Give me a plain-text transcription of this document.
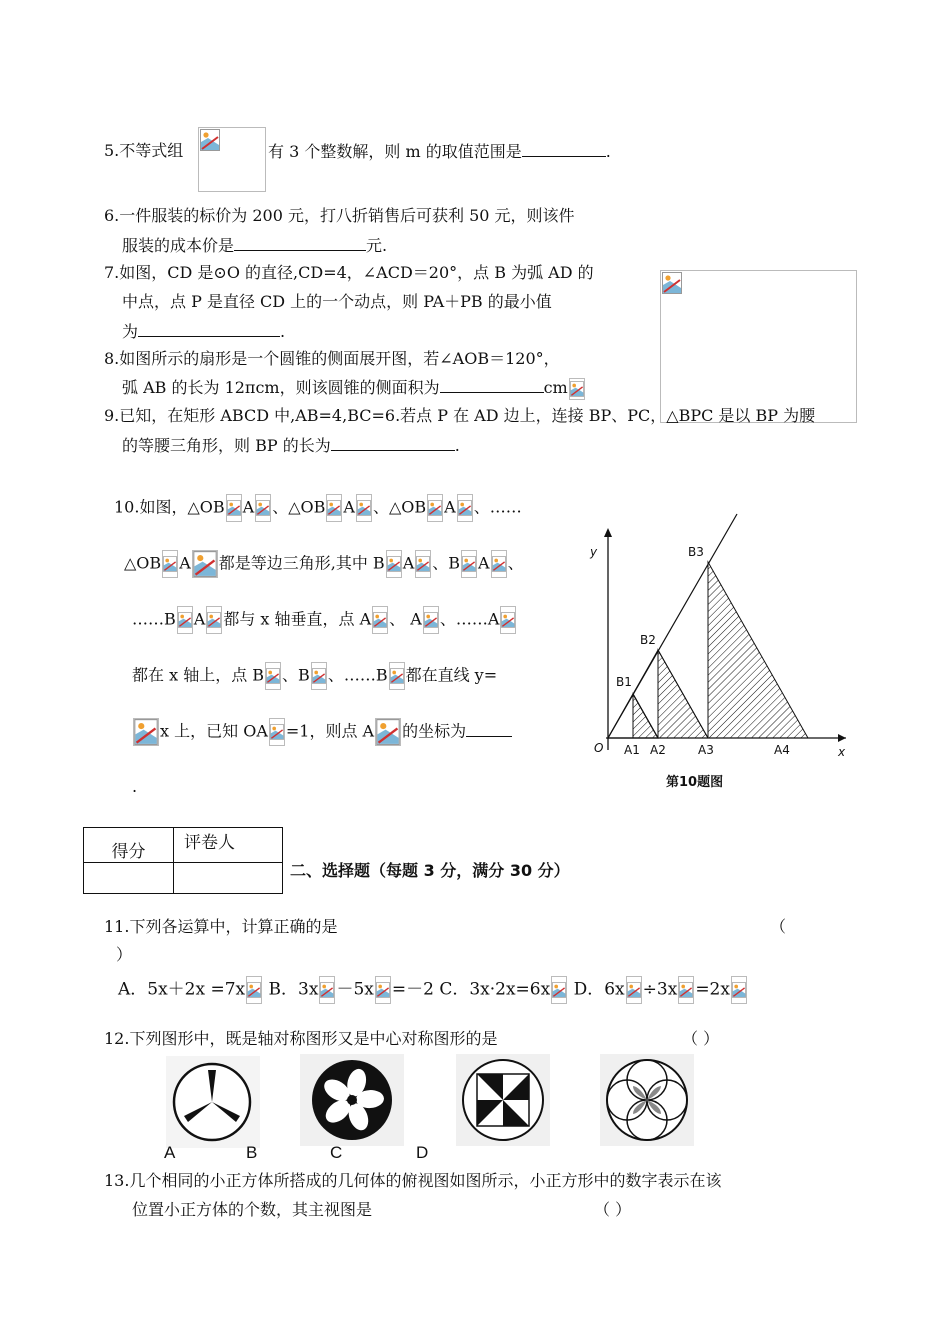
5.不等式组	有 3 个整数解，则 m 的取值范围是	.
6.一件服装的标价为 200 元，打八折销售后可获利 50 元，则该件
服装的成本价是	元.
7.如图，CD 是⊙O 的直径,CD=4，∠ACD＝20°，点 B 为弧 AD 的
中点，点 P 是直径 CD 上的一个动点，则 PA＋PB 的最小值
为	.
8.如图所示的扇形是一个圆锥的侧面展开图，若∠AOB＝120°，
弧 AB 的长为 12πcm，则该圆锥的侧面积为	cm
9.已知，在矩形 ABCD 中,AB=4,BC=6.若点 P 在 AD 边上，连接 BP、PC，△BPC 是以 BP 为腰
的等腰三角形，则 BP 的长为	.
10.如图，△OB A 、△OB A 、△OB A 、……
△OB A 都是等边三角形,其中 B A 、B A 、
……B A 都与 x 轴垂直，点 A 、 A 、……A
都在 x 轴上，点 B 、B 、……B 都在直线 y=
x 上，已知 OA =1，则点 A 的坐标为
.
y
x
O
B1
B2
B3
A1 A2	A3	A4
第10题图
得分	评卷人

二、选择题（每题 3 分，满分 30 分）
11.下列各运算中，计算正确的是	（
）
A．5x＋2x =7x B．3x －5x =－2 C．3x·2x=6x D．6x ÷3x =2x
12.下列图形中，既是轴对称图形又是中心对称图形的是	（ ）
A	B	C	D
13.几个相同的小正方体所搭成的几何体的俯视图如图所示，小正方形中的数字表示在该
位置小正方体的个数，其主视图是	（ ）
